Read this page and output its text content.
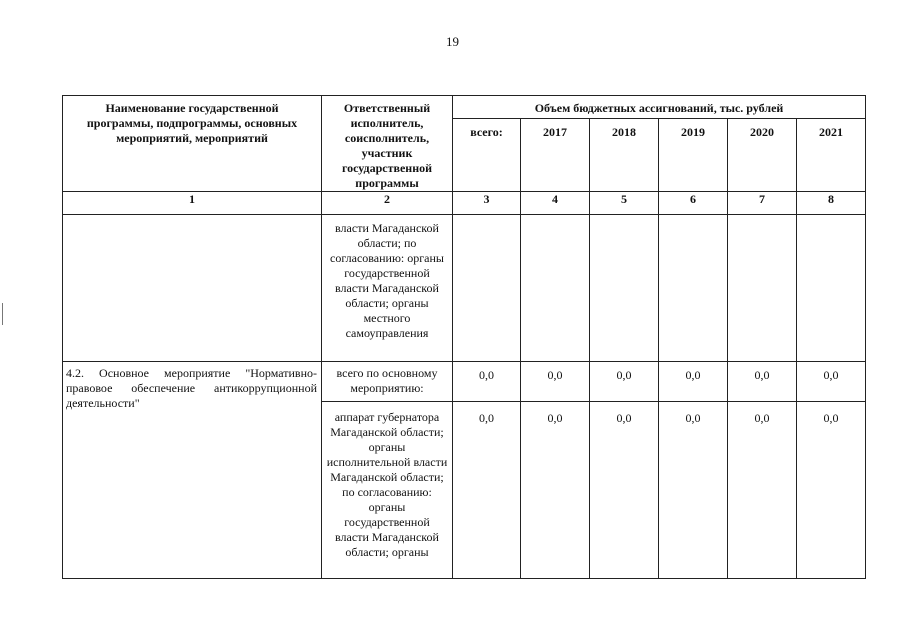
19
Наименование государственной программы, подпрограммы, основных мероприятий, мероприятий	Ответственный исполнитель, соисполнитель, участник государственной программы	Объем бюджетных ассигнований, тыс. рублей					
		всего:	2017	2018	2019	2020	2021
1	2	3	4	5	6	7	8
	власти Магаданской области; по согласованию: органы государственной власти Магаданской области; органы местного самоуправления						
4.2. Основное мероприятие "Нормативно-правовое обеспечение антикоррупционной деятельности"	всего по основному мероприятию:	0,0	0,0	0,0	0,0	0,0	0,0
	аппарат губернатора Магаданской области; органы исполнительной власти Магаданской области; по согласованию: органы государственной власти Магаданской области; органы	0,0	0,0	0,0	0,0	0,0	0,0
